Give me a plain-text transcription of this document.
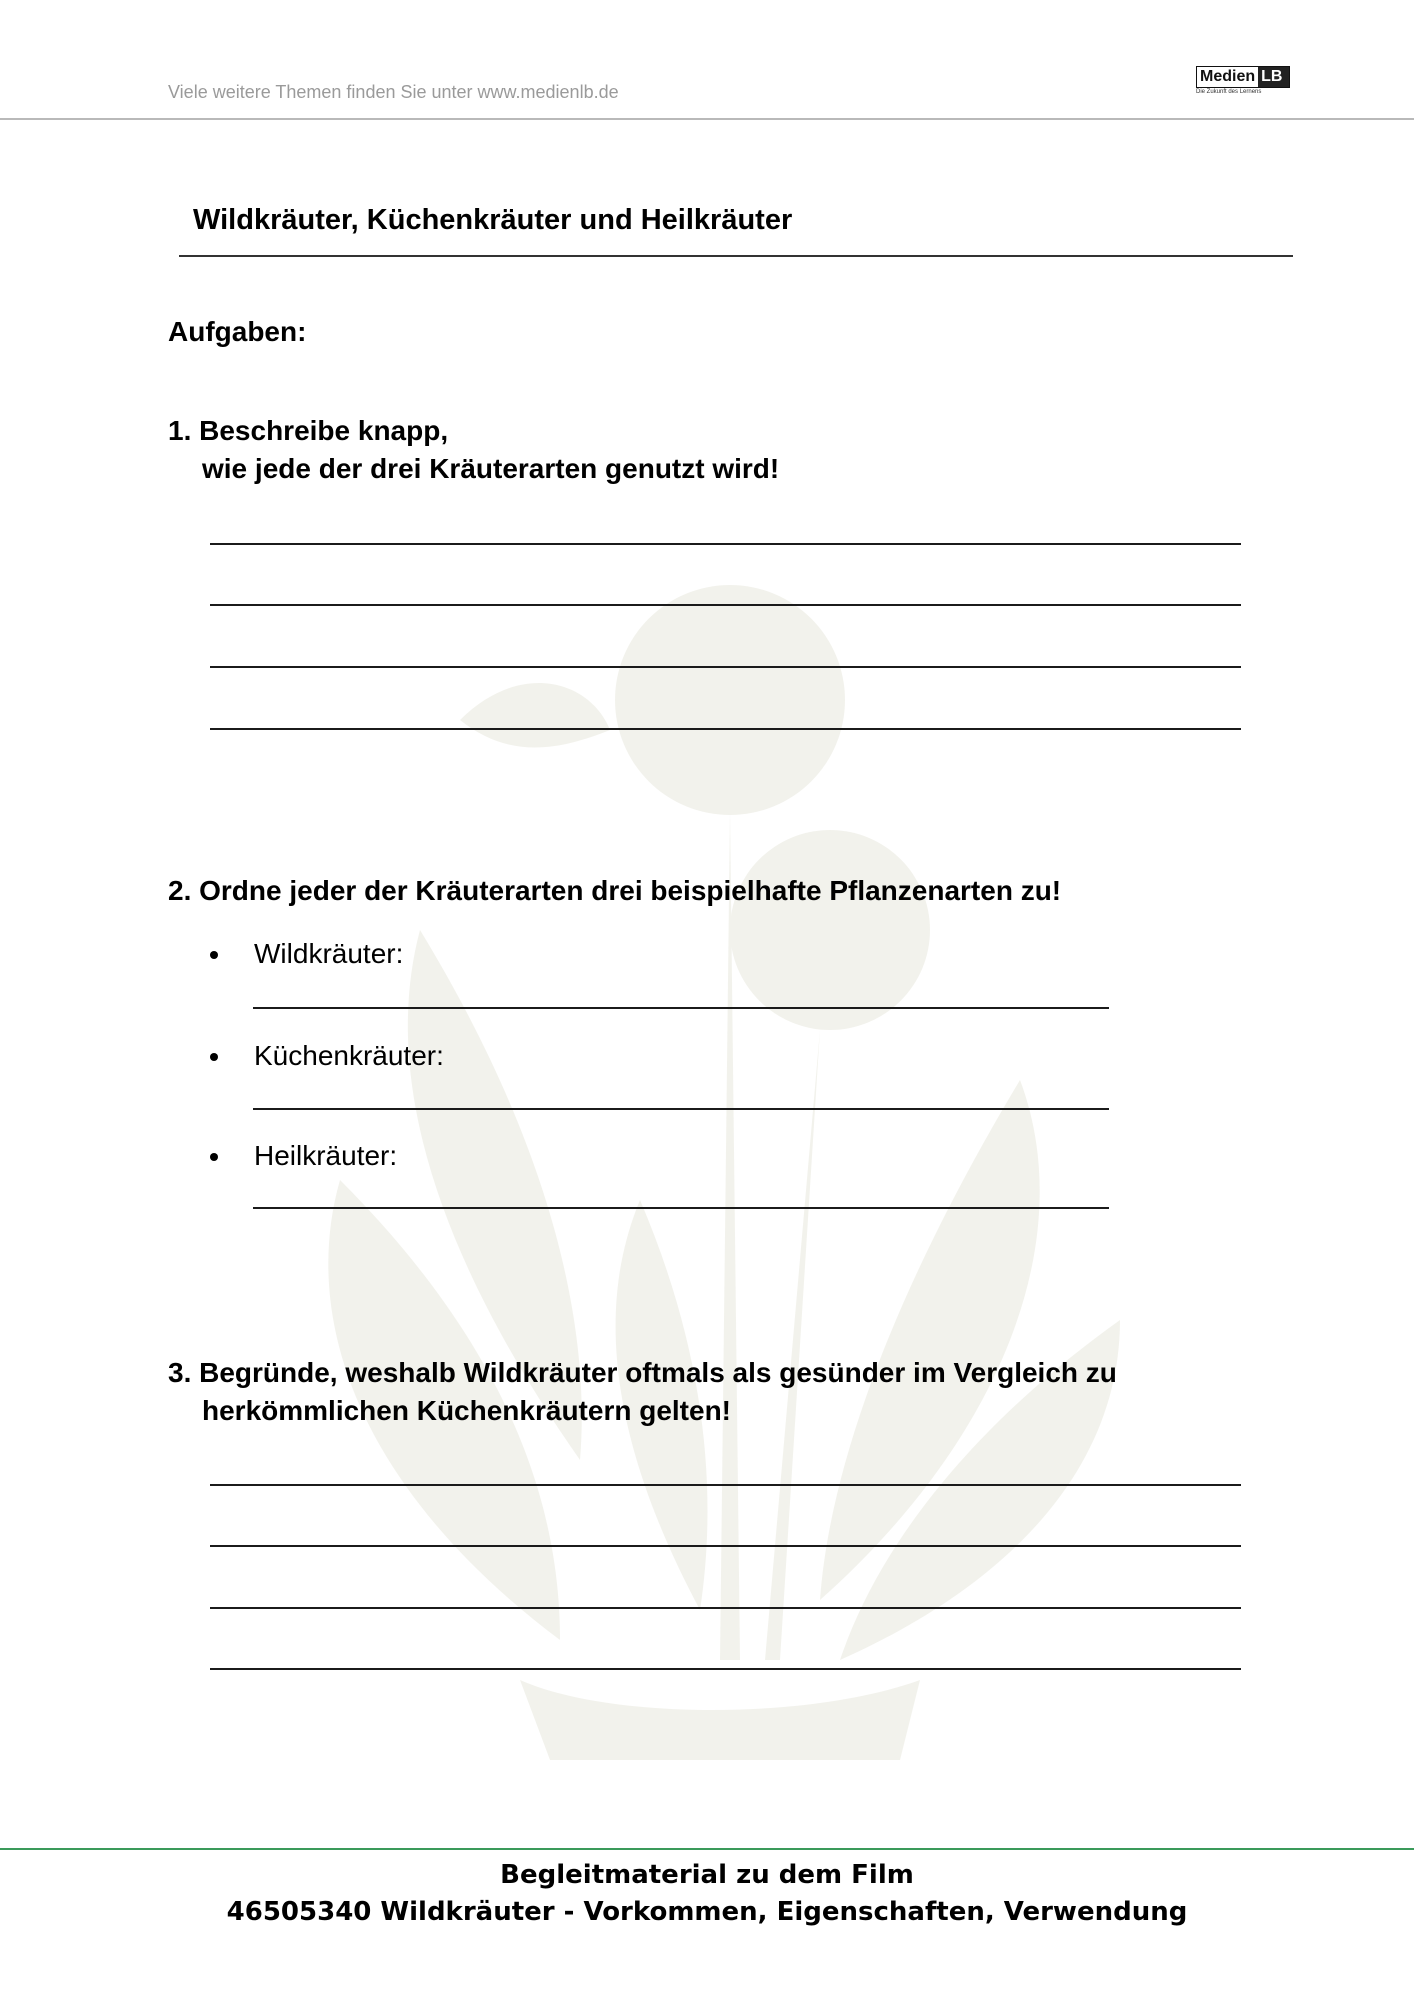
Viele weitere Themen finden Sie unter www.medienlb.de
Medien LB
Die Zukunft des Lernens
Wildkräuter, Küchenkräuter und Heilkräuter
Aufgaben:
1. Beschreibe knapp,
wie jede der drei Kräuterarten genutzt wird!
2. Ordne jeder der Kräuterarten drei beispielhafte Pflanzenarten zu!
Wildkräuter:
Küchenkräuter:
Heilkräuter:
3. Begründe, weshalb Wildkräuter oftmals als gesünder im Vergleich zu
herkömmlichen Küchenkräutern gelten!
Begleitmaterial zu dem Film
46505340 Wildkräuter - Vorkommen, Eigenschaften, Verwendung
